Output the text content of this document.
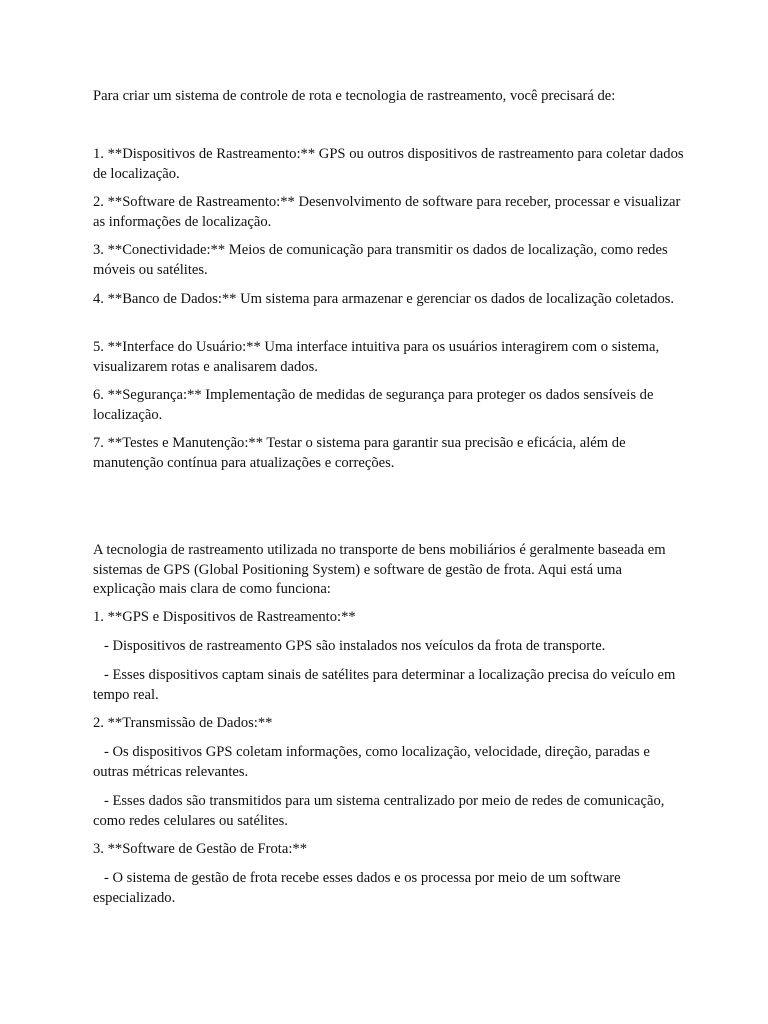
Para criar um sistema de controle de rota e tecnologia de rastreamento, você precisará de:

1. **Dispositivos de Rastreamento:** GPS ou outros dispositivos de rastreamento para coletar dados de localização.

2. **Software de Rastreamento:** Desenvolvimento de software para receber, processar e visualizar as informações de localização.

3. **Conectividade:** Meios de comunicação para transmitir os dados de localização, como redes móveis ou satélites.

4. **Banco de Dados:** Um sistema para armazenar e gerenciar os dados de localização coletados.

5. **Interface do Usuário:** Uma interface intuitiva para os usuários interagirem com o sistema, visualizarem rotas e analisarem dados.

6. **Segurança:** Implementação de medidas de segurança para proteger os dados sensíveis de localização.

7. **Testes e Manutenção:** Testar o sistema para garantir sua precisão e eficácia, além de manutenção contínua para atualizações e correções.

A tecnologia de rastreamento utilizada no transporte de bens mobiliários é geralmente baseada em sistemas de GPS (Global Positioning System) e software de gestão de frota. Aqui está uma explicação mais clara de como funciona:

1. **GPS e Dispositivos de Rastreamento:**

- Dispositivos de rastreamento GPS são instalados nos veículos da frota de transporte.

- Esses dispositivos captam sinais de satélites para determinar a localização precisa do veículo em tempo real.

2. **Transmissão de Dados:**

- Os dispositivos GPS coletam informações, como localização, velocidade, direção, paradas e outras métricas relevantes.

- Esses dados são transmitidos para um sistema centralizado por meio de redes de comunicação, como redes celulares ou satélites.

3. **Software de Gestão de Frota:**

- O sistema de gestão de frota recebe esses dados e os processa por meio de um software especializado.
